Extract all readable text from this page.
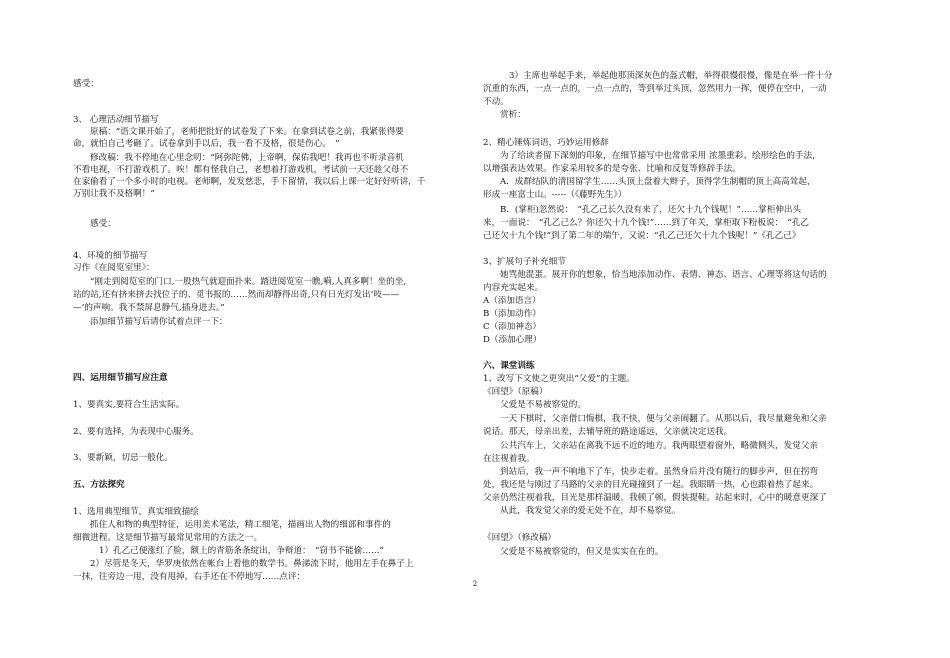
感受：
3、 心理活动细节描写
原稿：“语文课开始了，老师把批好的试卷发了下来。在拿到试卷之前，我紧张得要
命，就怕自己考砸了。试卷拿到手以后，我一看不及格，很是伤心。　”
修改稿：我不停地在心里念叨：“阿弥陀佛，上帝啊，保佑我吧！我再也不听录音机
不看电视，不打游戏机了。唉！都有怪我自己，老想着打游戏机，考试前一天还趁父母不
在家偷看了一个多小时的电视。老师啊，发发慈悲，手下留情，我以后上课一定好好听讲，千
万别让我不及格啊！”
感受：
4、环境的细节描写
习作《在阅览室里》：
“刚走到阅览室的门口,一股热气就迎面扑来。踏进阅览室一瞧,嗬,人真多啊！坐的坐,
站的站,还有挤来挤去找位子的、觅书报的……然而却静得出奇,只有日光灯发出‘吱——
—’的声响。我不禁屏息静气,插身进去。”
添加细节描写后请你试着点评一下：
四、运用细节描写应注意
1、要真实,要符合生活实际。
2、要有选择，为表现中心服务。
3、要新颖，切忌一般化。
五、方法探究
1、选用典型细节，真实细致描绘
抓住人和物的典型特征，运用美术笔法，精工细笔，描画出人物的细部和事件的
细微进程。这是细节描写最常见常用的方法之一。
1）孔乙己便涨红了脸，额上的青筋条条绽出，争辩道：　“窃书不能偷……”
2）尽管是冬天，华罗庚依然在帐台上看他的数学书。鼻涕流下时，他用左手在鼻子上
一抹，往旁边一甩，没有甩掉，右手还在不停地写……点评：
3）主席也举起手来，举起他那顶深灰色的盔式帽，举得很慢很慢，像是在举一件十分
沉重的东西，一点一点的，一点一点的，等到举过头顶，忽然用力一挥，便停在空中，一动
不动。
赏析：
2、精心锤炼词语，巧妙运用修辞
为了给读者留下深刻的印象，在细节描写中也常常采用 浓墨重彩、绘形绘色的手法，
以增强表达效果。作家采用较多的是夸张、比喻和反复等修辞手法。
A．成群结队的清国留学生……头顶上盘着大辫子，顶得学生制帽的顶上高高耸起，
形成一座富士山。-----（《藤野先生》）
B．(掌柜)忽然说：　“孔乙己长久没有来了，还欠十九个钱呢！”……掌柜伸出头
来，一面说：　“孔乙己么？你还欠十九个钱!”……到了年关，掌柜取下粉板说：　“孔乙
己还欠十九个钱!”到了第二年的端午，又说：“孔乙己还欠十九个钱呢！”《孔乙己》
3、扩展句子补充细节
她骂他混蛋。展开你的想象，恰当地添加动作、表情、神态、语言、心理等将这句话的
内容充实起来。
A（添加语言）
B（添加动作）
C（添加神态）
D（添加心理）
六、课堂训练
1、改写下文使之更突出“父爱”的主题。
《回望》（原稿）
父爱是不易被察觉的。
一天下棋时，父亲借口悔棋，我不快，便与父亲闹翻了。从那以后，我尽量避免和父亲
说话。那天，母亲出差，去辅导班的路途遥远，父亲就决定送我。
公共汽车上，父亲站在离我不远不近的地方。我两眼望着窗外，略微侧头，发觉父亲
在注视着我。
到站后，我一声不响地下了车，快步走着。虽然身后并没有随行的脚步声，但在拐弯
处，我还是与刚过了马路的父亲的目光碰撞到了一起。我眼睛一热，心也跟着热了起来。
父亲仍然注视着我，目光是那样温暖。我顿了顿，假装提鞋。站起来时，心中的暖意更深了
从此，我发觉父亲的爱无处不在，却不易察觉。
《回望》（修改稿）
父爱是不易被察觉的，但又是实实在在的。
2
